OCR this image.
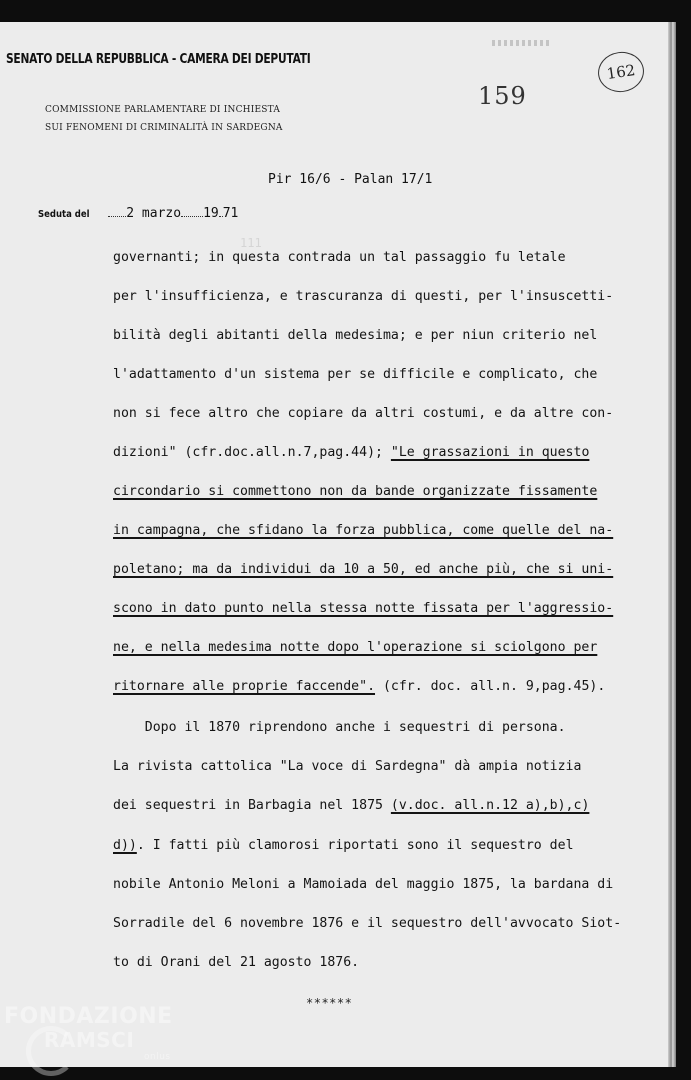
SENATO DELLA REPUBBLICA - CAMERA DEI DEPUTATI
COMMISSIONE PARLAMENTARE DI INCHIESTA
SUI FENOMENI DI CRIMINALITÀ IN SARDEGNA
159
162
Pir 16/6 - Palan 17/1
Seduta del	2 marzo 19 71
111
governanti; in questa contrada un tal passaggio fu letale
per l'insufficienza, e trascuranza di questi, per l'insuscetti-
bilità degli abitanti della medesima; e per niun criterio nel
l'adattamento d'un sistema per se difficile e complicato, che
non si fece altro che copiare da altri costumi, e da altre con-
dizioni" (cfr.doc.all.n.7,pag.44); "Le grassazioni in questo
circondario si commettono non da bande organizzate fissamente
in campagna, che sfidano la forza pubblica, come quelle del na-
poletano; ma da individui da 10 a 50, ed anche più, che si uni-
scono in dato punto nella stessa notte fissata per l'aggressio-
ne, e nella medesima notte dopo l'operazione si sciolgono per
ritornare alle proprie faccende". (cfr. doc. all.n. 9,pag.45).
Dopo il 1870 riprendono anche i sequestri di persona.
La rivista cattolica "La voce di Sardegna" dà ampia notizia
dei sequestri in Barbagia nel 1875 (v.doc. all.n.12 a),b),c)
d)). I fatti più clamorosi riportati sono il sequestro del
nobile Antonio Meloni a Mamoiada del maggio 1875, la bardana di
Sorradile del 6 novembre 1876 e il sequestro dell'avvocato Siot-
to di Orani del 21 agosto 1876.
******
FONDAZIONE
RAMSCI
onlus
